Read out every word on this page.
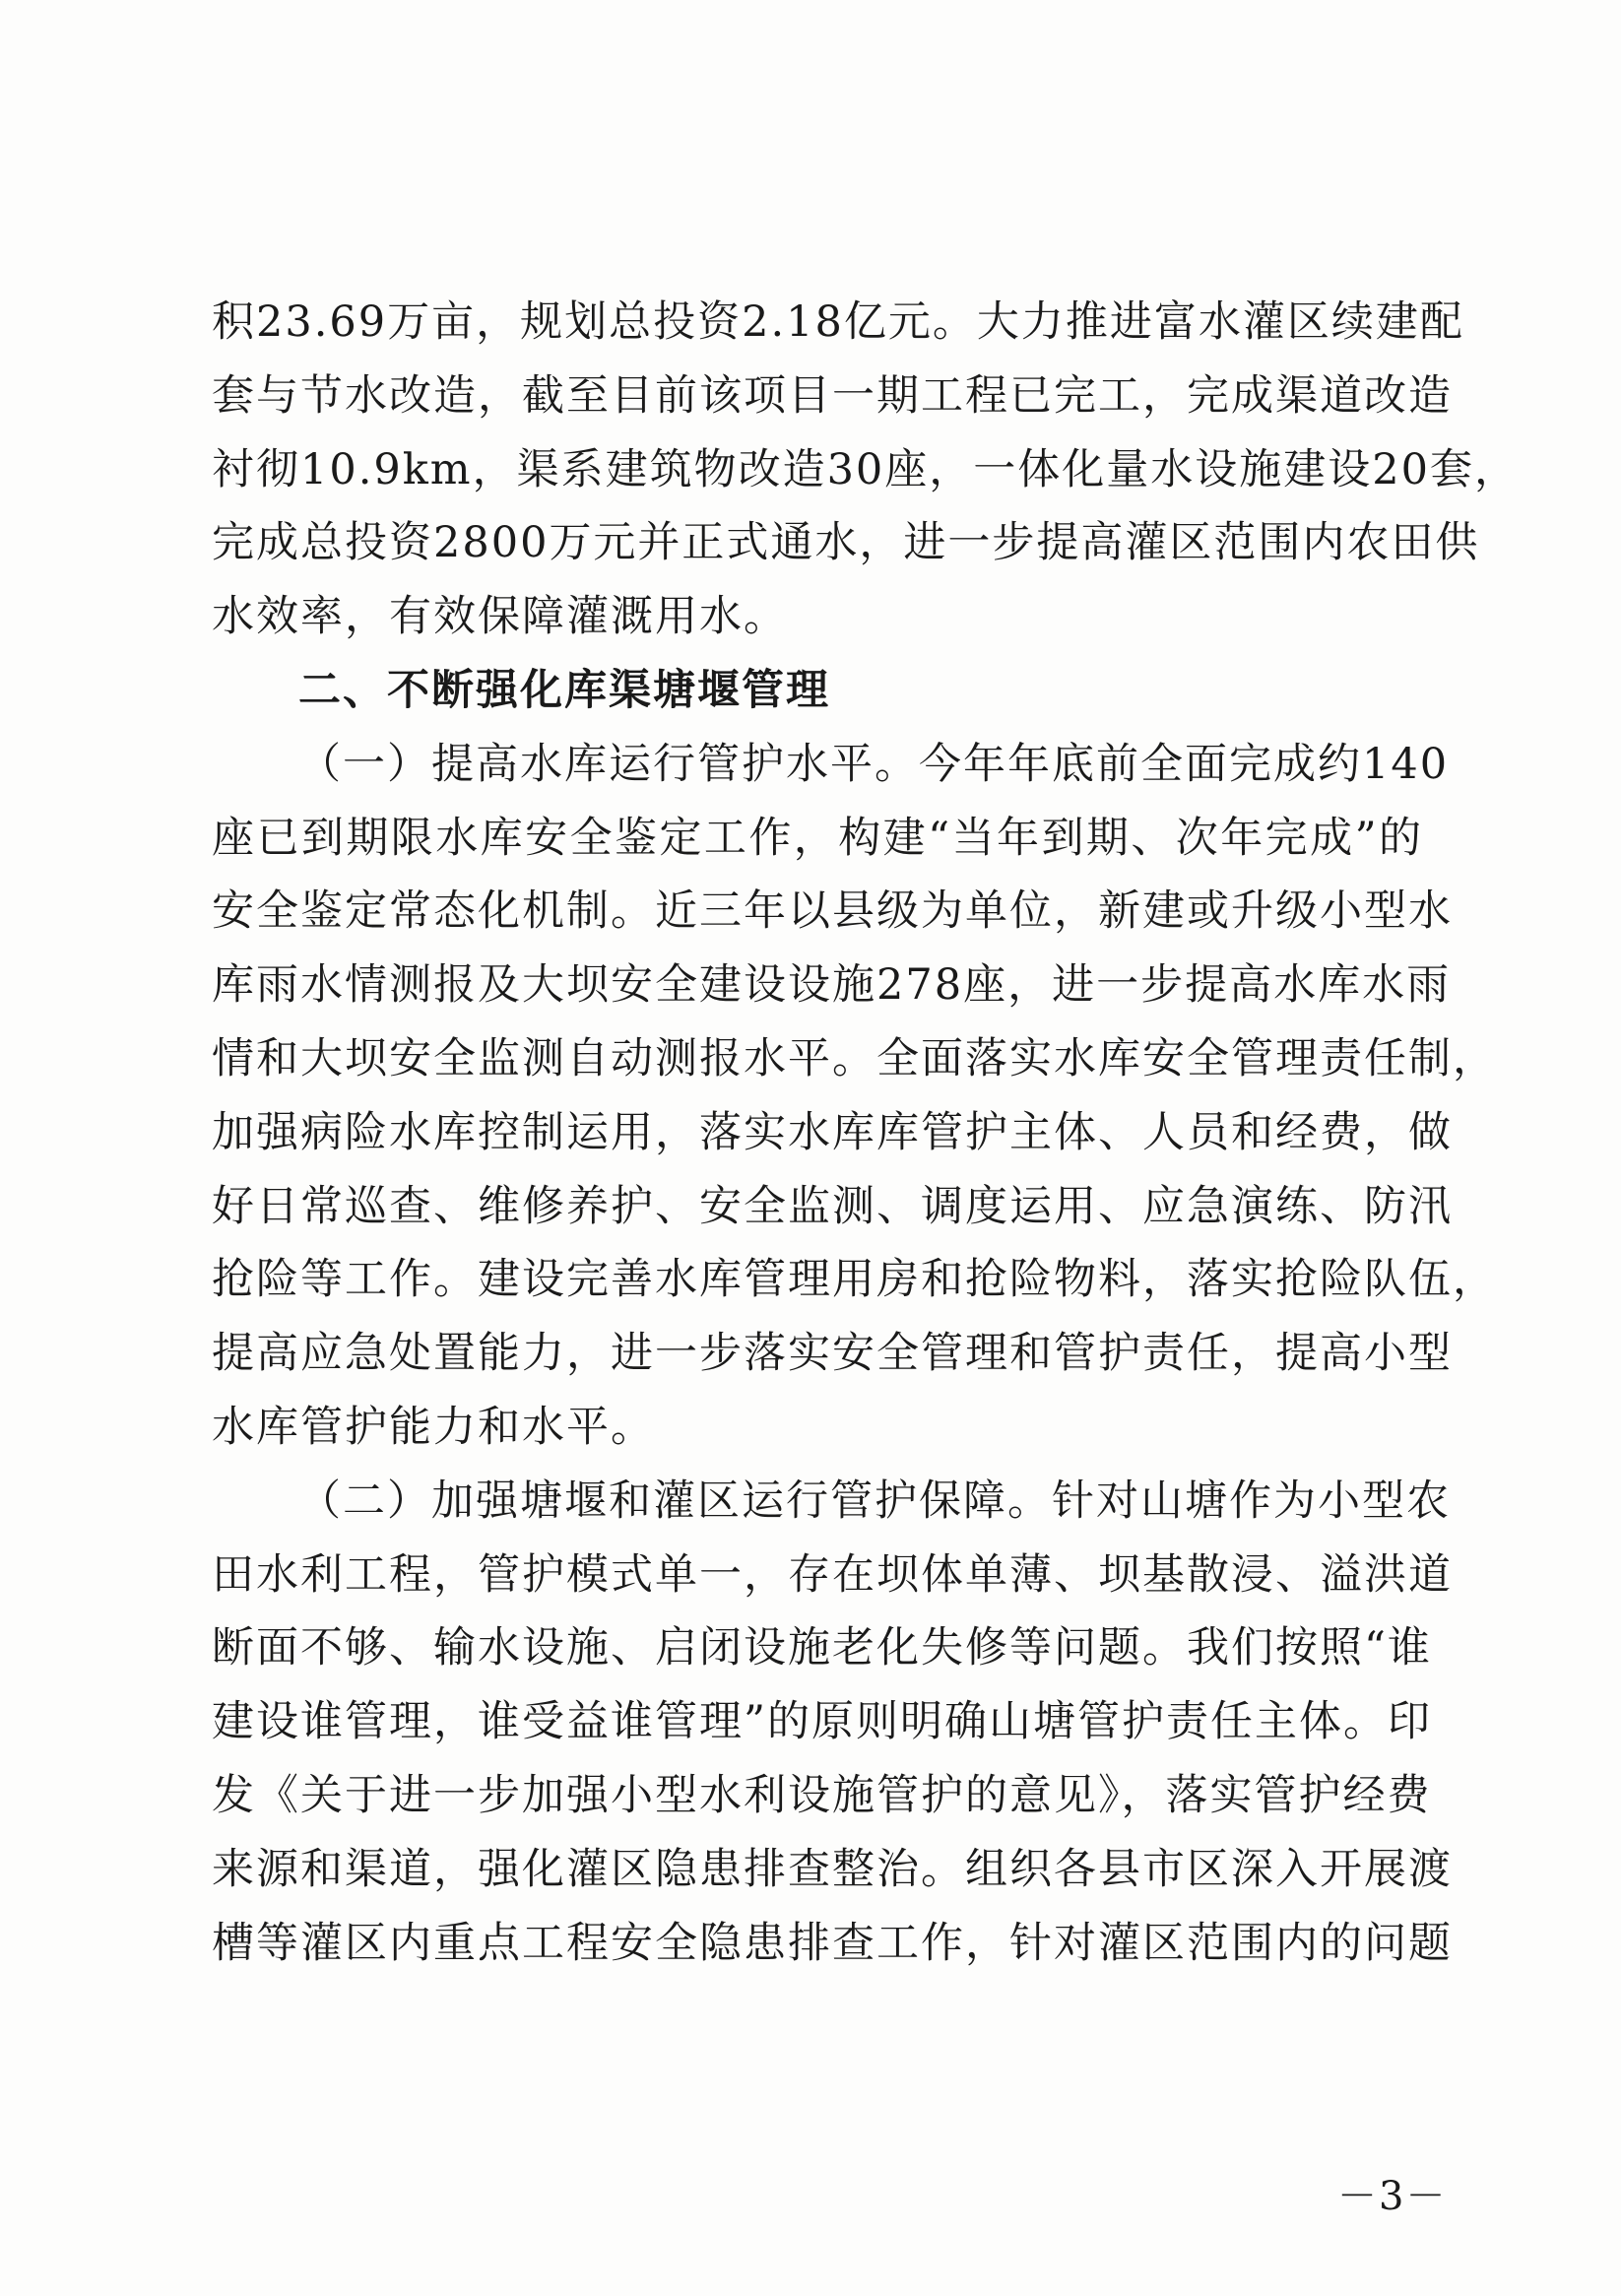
积23.69万亩，规划总投资2.18亿元。大力推进富水灌区续建配
套与节水改造，截至目前该项目一期工程已完工，完成渠道改造
衬彻10.9km，渠系建筑物改造30座，一体化量水设施建设20套，
完成总投资2800万元并正式通水，进一步提高灌区范围内农田供
水效率，有效保障灌溉用水。
二、不断强化库渠塘堰管理
（一）提高水库运行管护水平。今年年底前全面完成约140
座已到期限水库安全鉴定工作，构建“当年到期、次年完成”的
安全鉴定常态化机制。近三年以县级为单位，新建或升级小型水
库雨水情测报及大坝安全建设设施278座，进一步提高水库水雨
情和大坝安全监测自动测报水平。全面落实水库安全管理责任制，
加强病险水库控制运用，落实水库库管护主体、人员和经费，做
好日常巡查、维修养护、安全监测、调度运用、应急演练、防汛
抢险等工作。建设完善水库管理用房和抢险物料，落实抢险队伍，
提高应急处置能力，进一步落实安全管理和管护责任，提高小型
水库管护能力和水平。
（二）加强塘堰和灌区运行管护保障。针对山塘作为小型农
田水利工程，管护模式单一，存在坝体单薄、坝基散浸、溢洪道
断面不够、输水设施、启闭设施老化失修等问题。我们按照“谁
建设谁管理，谁受益谁管理”的原则明确山塘管护责任主体。印
发《关于进一步加强小型水利设施管护的意见》，落实管护经费
来源和渠道，强化灌区隐患排查整治。组织各县市区深入开展渡
槽等灌区内重点工程安全隐患排查工作，针对灌区范围内的问题
－3－
